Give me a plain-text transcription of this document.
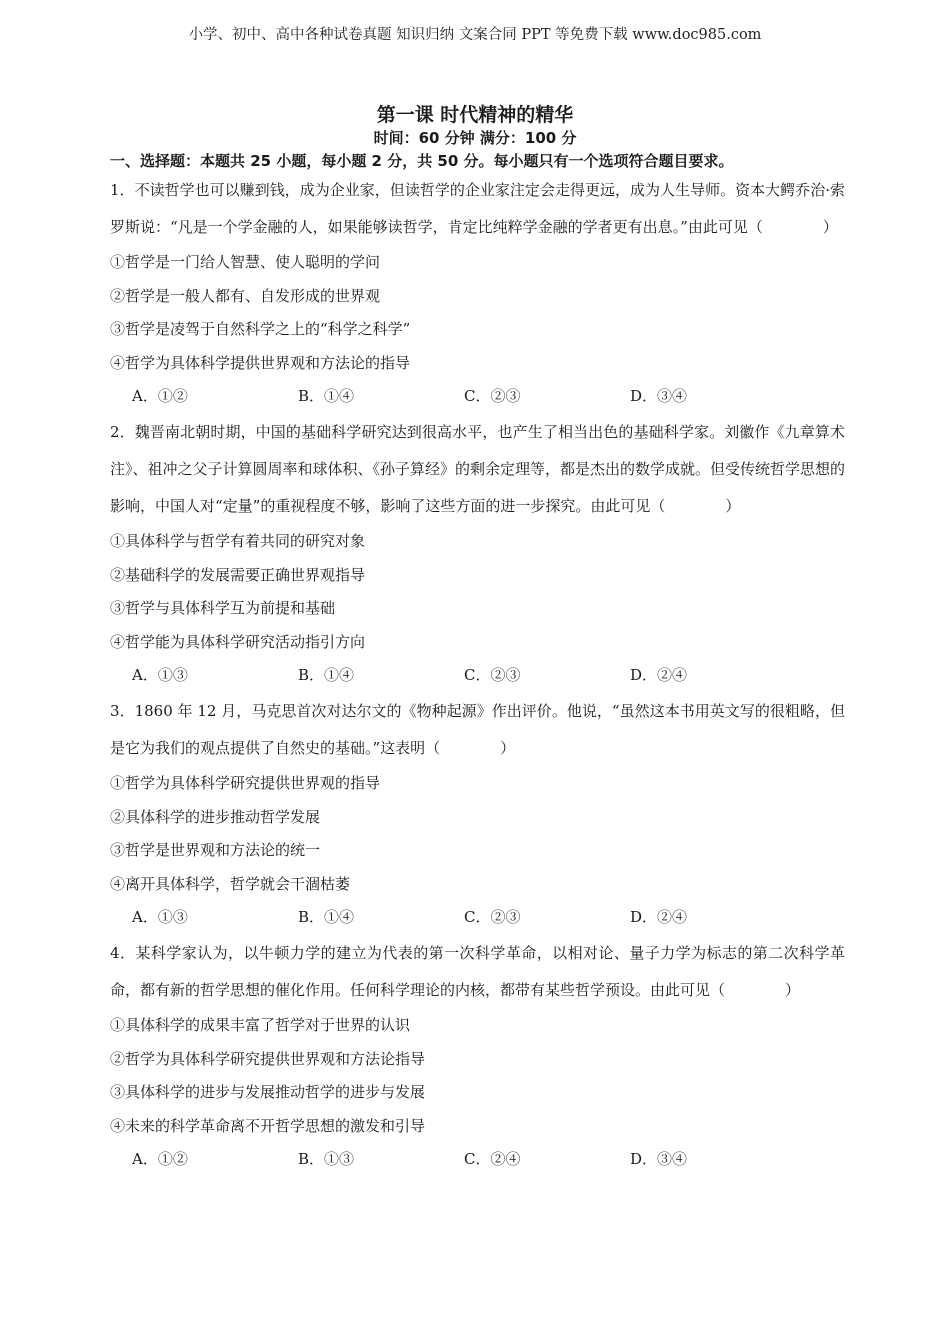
小学、初中、高中各种试卷真题 知识归纳 文案合同 PPT 等免费下载 www.doc985.com
第一课 时代精神的精华
时间：60 分钟 满分：100 分
一、选择题：本题共 25 小题，每小题 2 分，共 50 分。每小题只有一个选项符合题目要求。

1．不读哲学也可以赚到钱，成为企业家，但读哲学的企业家注定会走得更远，成为人生导师。资本大鳄乔治·索罗斯说：“凡是一个学金融的人，如果能够读哲学，肯定比纯粹学金融的学者更有出息。”由此可见（　　　　）

①哲学是一门给人智慧、使人聪明的学问

②哲学是一般人都有、自发形成的世界观

③哲学是凌驾于自然科学之上的“科学之科学”

④哲学为具体科学提供世界观和方法论的指导

A．①②	B．①④	C．②③	D．③④

2．魏晋南北朝时期，中国的基础科学研究达到很高水平，也产生了相当出色的基础科学家。刘徽作《九章算术注》、祖冲之父子计算圆周率和球体积、《孙子算经》的剩余定理等，都是杰出的数学成就。但受传统哲学思想的影响，中国人对“定量”的重视程度不够，影响了这些方面的进一步探究。由此可见（　　　　）

①具体科学与哲学有着共同的研究对象

②基础科学的发展需要正确世界观指导

③哲学与具体科学互为前提和基础

④哲学能为具体科学研究活动指引方向

A．①③	B．①④	C．②③	D．②④

3．1860 年 12 月，马克思首次对达尔文的《物种起源》作出评价。他说，“虽然这本书用英文写的很粗略，但是它为我们的观点提供了自然史的基础。”这表明（　　　　）

①哲学为具体科学研究提供世界观的指导

②具体科学的进步推动哲学发展

③哲学是世界观和方法论的统一

④离开具体科学，哲学就会干涸枯萎

A．①③	B．①④	C．②③	D．②④

4．某科学家认为，以牛顿力学的建立为代表的第一次科学革命，以相对论、量子力学为标志的第二次科学革命，都有新的哲学思想的催化作用。任何科学理论的内核，都带有某些哲学预设。由此可见（　　　　）

①具体科学的成果丰富了哲学对于世界的认识

②哲学为具体科学研究提供世界观和方法论指导

③具体科学的进步与发展推动哲学的进步与发展

④未来的科学革命离不开哲学思想的激发和引导

A．①②	B．①③	C．②④	D．③④
